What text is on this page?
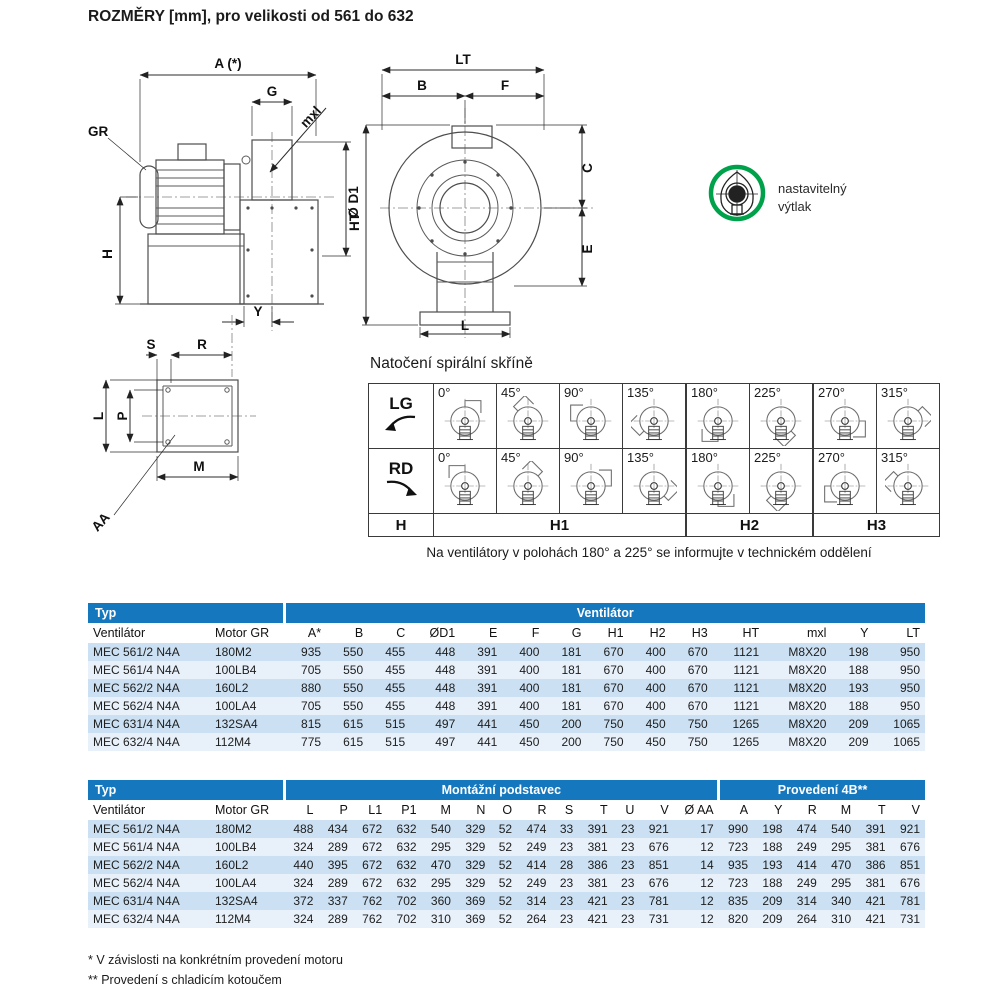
ROZMĚRY [mm], pro velikosti od 561 do 632
A (*)
G
mxl
GR
Ø D1
H
Y
LT
B	F
HT
C
E
L
S	R
L P
M
AA
nastavitelný
výtlak
Natočení spirální skříně
LG	0°	45°	90°	135°	180°	225°	270°	315°

RD	0°	45°	90°	135°	180°	225°	270°	315°

H	H1				H2		H3	
Na ventilátory v polohách 180° a 225° se informujte v technickém oddělení
Typ		Ventilátor													
Ventilátor	Motor GR	A*	B	C	ØD1	E	F	G	H1	H2	H3	HT	mxl	Y	LT
MEC 561/2 N4A	180M2	935	550	455	448	391	400	181	670	400	670	1121	M8X20	198	950
MEC 561/4 N4A	100LB4	705	550	455	448	391	400	181	670	400	670	1121	M8X20	188	950
MEC 562/2 N4A	160L2	880	550	455	448	391	400	181	670	400	670	1121	M8X20	193	950
MEC 562/4 N4A	100LA4	705	550	455	448	391	400	181	670	400	670	1121	M8X20	188	950
MEC 631/4 N4A	132SA4	815	615	515	497	441	450	200	750	450	750	1265	M8X20	209	1065
MEC 632/4 N4A	112M4	775	615	515	497	441	450	200	750	450	750	1265	M8X20	209	1065
Typ		Montážní podstavec													Provedení 4B**					
Ventilátor	Motor GR	L	P	L1	P1	M	N	O	R	S	T	U	V	Ø AA	A	Y	R	M	T	V
MEC 561/2 N4A	180M2	488	434	672	632	540	329	52	474	33	391	23	921	17	990	198	474	540	391	921
MEC 561/4 N4A	100LB4	324	289	672	632	295	329	52	249	23	381	23	676	12	723	188	249	295	381	676
MEC 562/2 N4A	160L2	440	395	672	632	470	329	52	414	28	386	23	851	14	935	193	414	470	386	851
MEC 562/4 N4A	100LA4	324	289	672	632	295	329	52	249	23	381	23	676	12	723	188	249	295	381	676
MEC 631/4 N4A	132SA4	372	337	762	702	360	369	52	314	23	421	23	781	12	835	209	314	340	421	781
MEC 632/4 N4A	112M4	324	289	762	702	310	369	52	264	23	421	23	731	12	820	209	264	310	421	731
* V závislosti na konkrétním provedení motoru
** Provedení s chladicím kotoučem
